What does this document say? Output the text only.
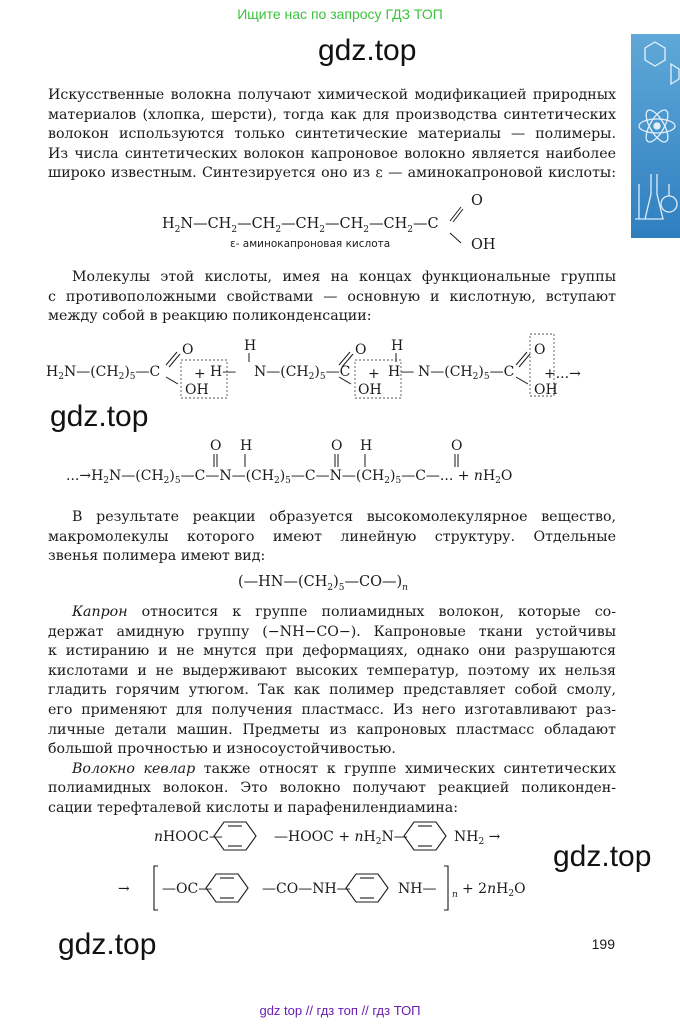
Ищите нас по запросу ГДЗ ТОП
gdz.top
gdz.top
gdz.top
gdz.top
Искусственные волокна получают химической модификацией природных
материалов (хлопка, шерсти), тогда как для производства синтетических
волокон используются только синтетические материалы — полимеры.
Из числа синтетических волокон капроновое волокно является наиболее
широко известным. Синтезируется оно из ε — аминокапроновой кислоты:
$H_2N—CH_2—CH_2—CH_2—CH_2—CH_2—C$
O
OH
ε- аминокапроновая кислота
Молекулы этой кислоты, имея на концах функциональные группы
с противоположными свойствами — основную и кислотную, вступают
между собой в реакцию поликонденсации:
$H_2N—(CH_2)_5—C$
O
OH
+ H—
H
$N—(CH_2)_5—C$
O
OH
+ H—
H
$N—(CH_2)_5—C$
O
OH
+...→
$...\to H_2N—(CH_2)_5—C—N—(CH_2)_5—C—N—(CH_2)_5—C—$... + $nH_2O$
O H	O H	O
В результате реакции образуется высокомолекулярное вещество,
макромолекулы которого имеют линейную структуру. Отдельные
звенья полимера имеют вид:
$(—HN—(CH_2)_5—CO—)_n$
Капрон относится к группе полиамидных волокон, которые со-
держат амидную группу (−NH−CO−). Капроновые ткани устойчивы
к истиранию и не мнутся при деформациях, однако они разрушаются
кислотами и не выдерживают высоких температур, поэтому их нельзя
гладить горячим утюгом. Так как полимер представляет собой смолу,
его применяют для получения пластмасс. Из него изготавливают раз-
личные детали машин. Предметы из капроновых пластмасс обладают
большой прочностью и износоустойчивостью.
Волокно кевлар также относят к группе химических синтетических
полиамидных волокон. Это волокно получают реакцией поликонден-
сации терефталевой кислоты и парафенилендиамина:
nHOOC—	—HOOC + $nH_2N—$	$NH_2$ →
→ —OC—	—CO—NH—	NH— $n + 2nH_2O$
199
gdz top // гдз топ // гдз ТОП
